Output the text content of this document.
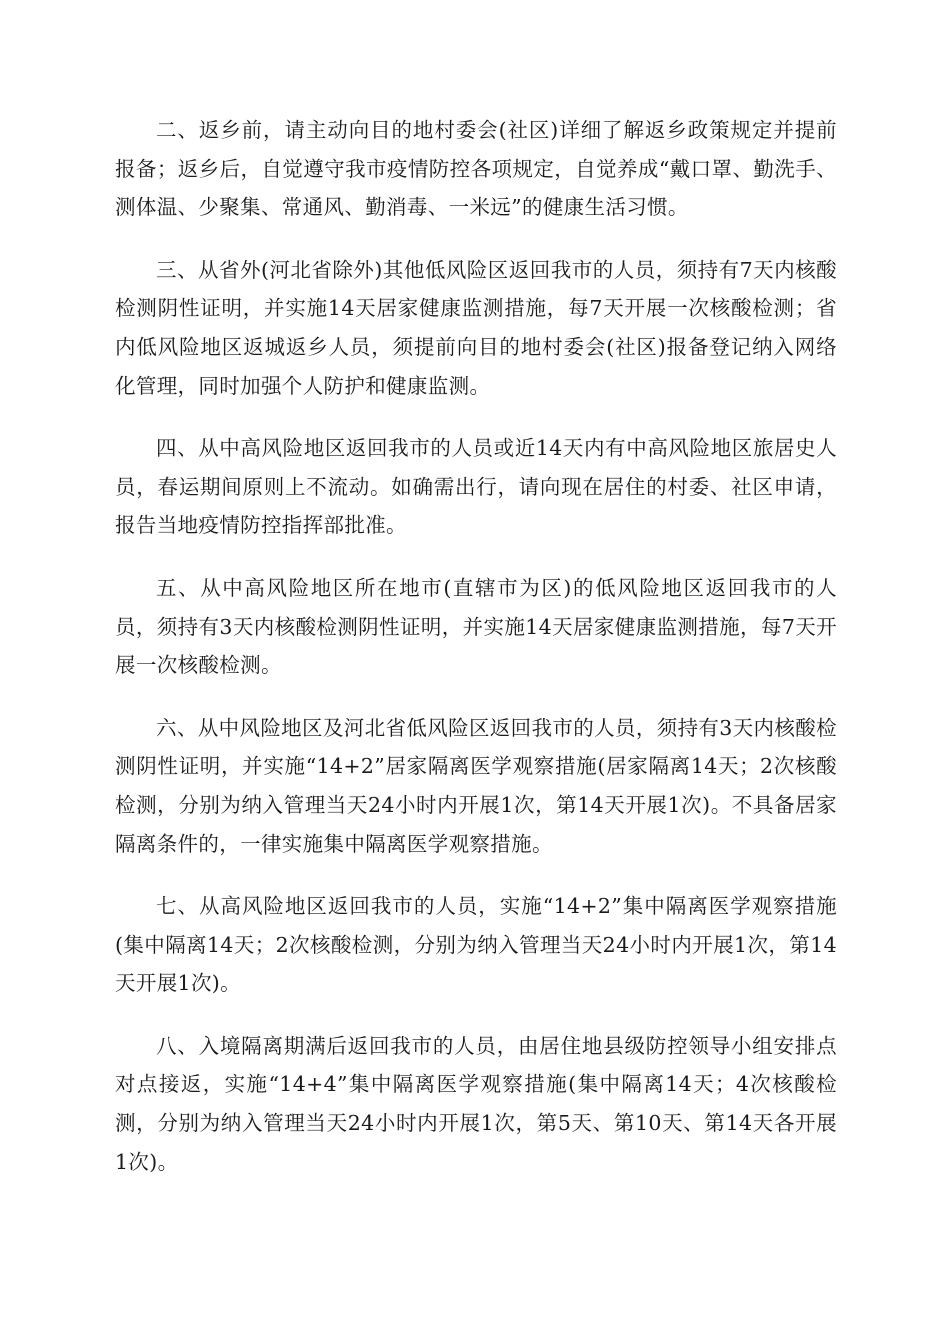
二、返乡前，请主动向目的地村委会(社区)详细了解返乡政策规定并提前报备；返乡后，自觉遵守我市疫情防控各项规定，自觉养成“戴口罩、勤洗手、测体温、少聚集、常通风、勤消毒、一米远”的健康生活习惯。

三、从省外(河北省除外)其他低风险区返回我市的人员，须持有7天内核酸检测阴性证明，并实施14天居家健康监测措施，每7天开展一次核酸检测；省内低风险地区返城返乡人员，须提前向目的地村委会(社区)报备登记纳入网络化管理，同时加强个人防护和健康监测。

四、从中高风险地区返回我市的人员或近14天内有中高风险地区旅居史人员，春运期间原则上不流动。如确需出行，请向现在居住的村委、社区申请，报告当地疫情防控指挥部批准。

五、从中高风险地区所在地市(直辖市为区)的低风险地区返回我市的人员，须持有3天内核酸检测阴性证明，并实施14天居家健康监测措施，每7天开展一次核酸检测。

六、从中风险地区及河北省低风险区返回我市的人员，须持有3天内核酸检测阴性证明，并实施“14+2”居家隔离医学观察措施(居家隔离14天；2次核酸检测，分别为纳入管理当天24小时内开展1次，第14天开展1次)。不具备居家隔离条件的，一律实施集中隔离医学观察措施。

七、从高风险地区返回我市的人员，实施“14+2”集中隔离医学观察措施(集中隔离14天；2次核酸检测，分别为纳入管理当天24小时内开展1次，第14天开展1次)。

八、入境隔离期满后返回我市的人员，由居住地县级防控领导小组安排点对点接返，实施“14+4”集中隔离医学观察措施(集中隔离14天；4次核酸检测，分别为纳入管理当天24小时内开展1次，第5天、第10天、第14天各开展1次)。
